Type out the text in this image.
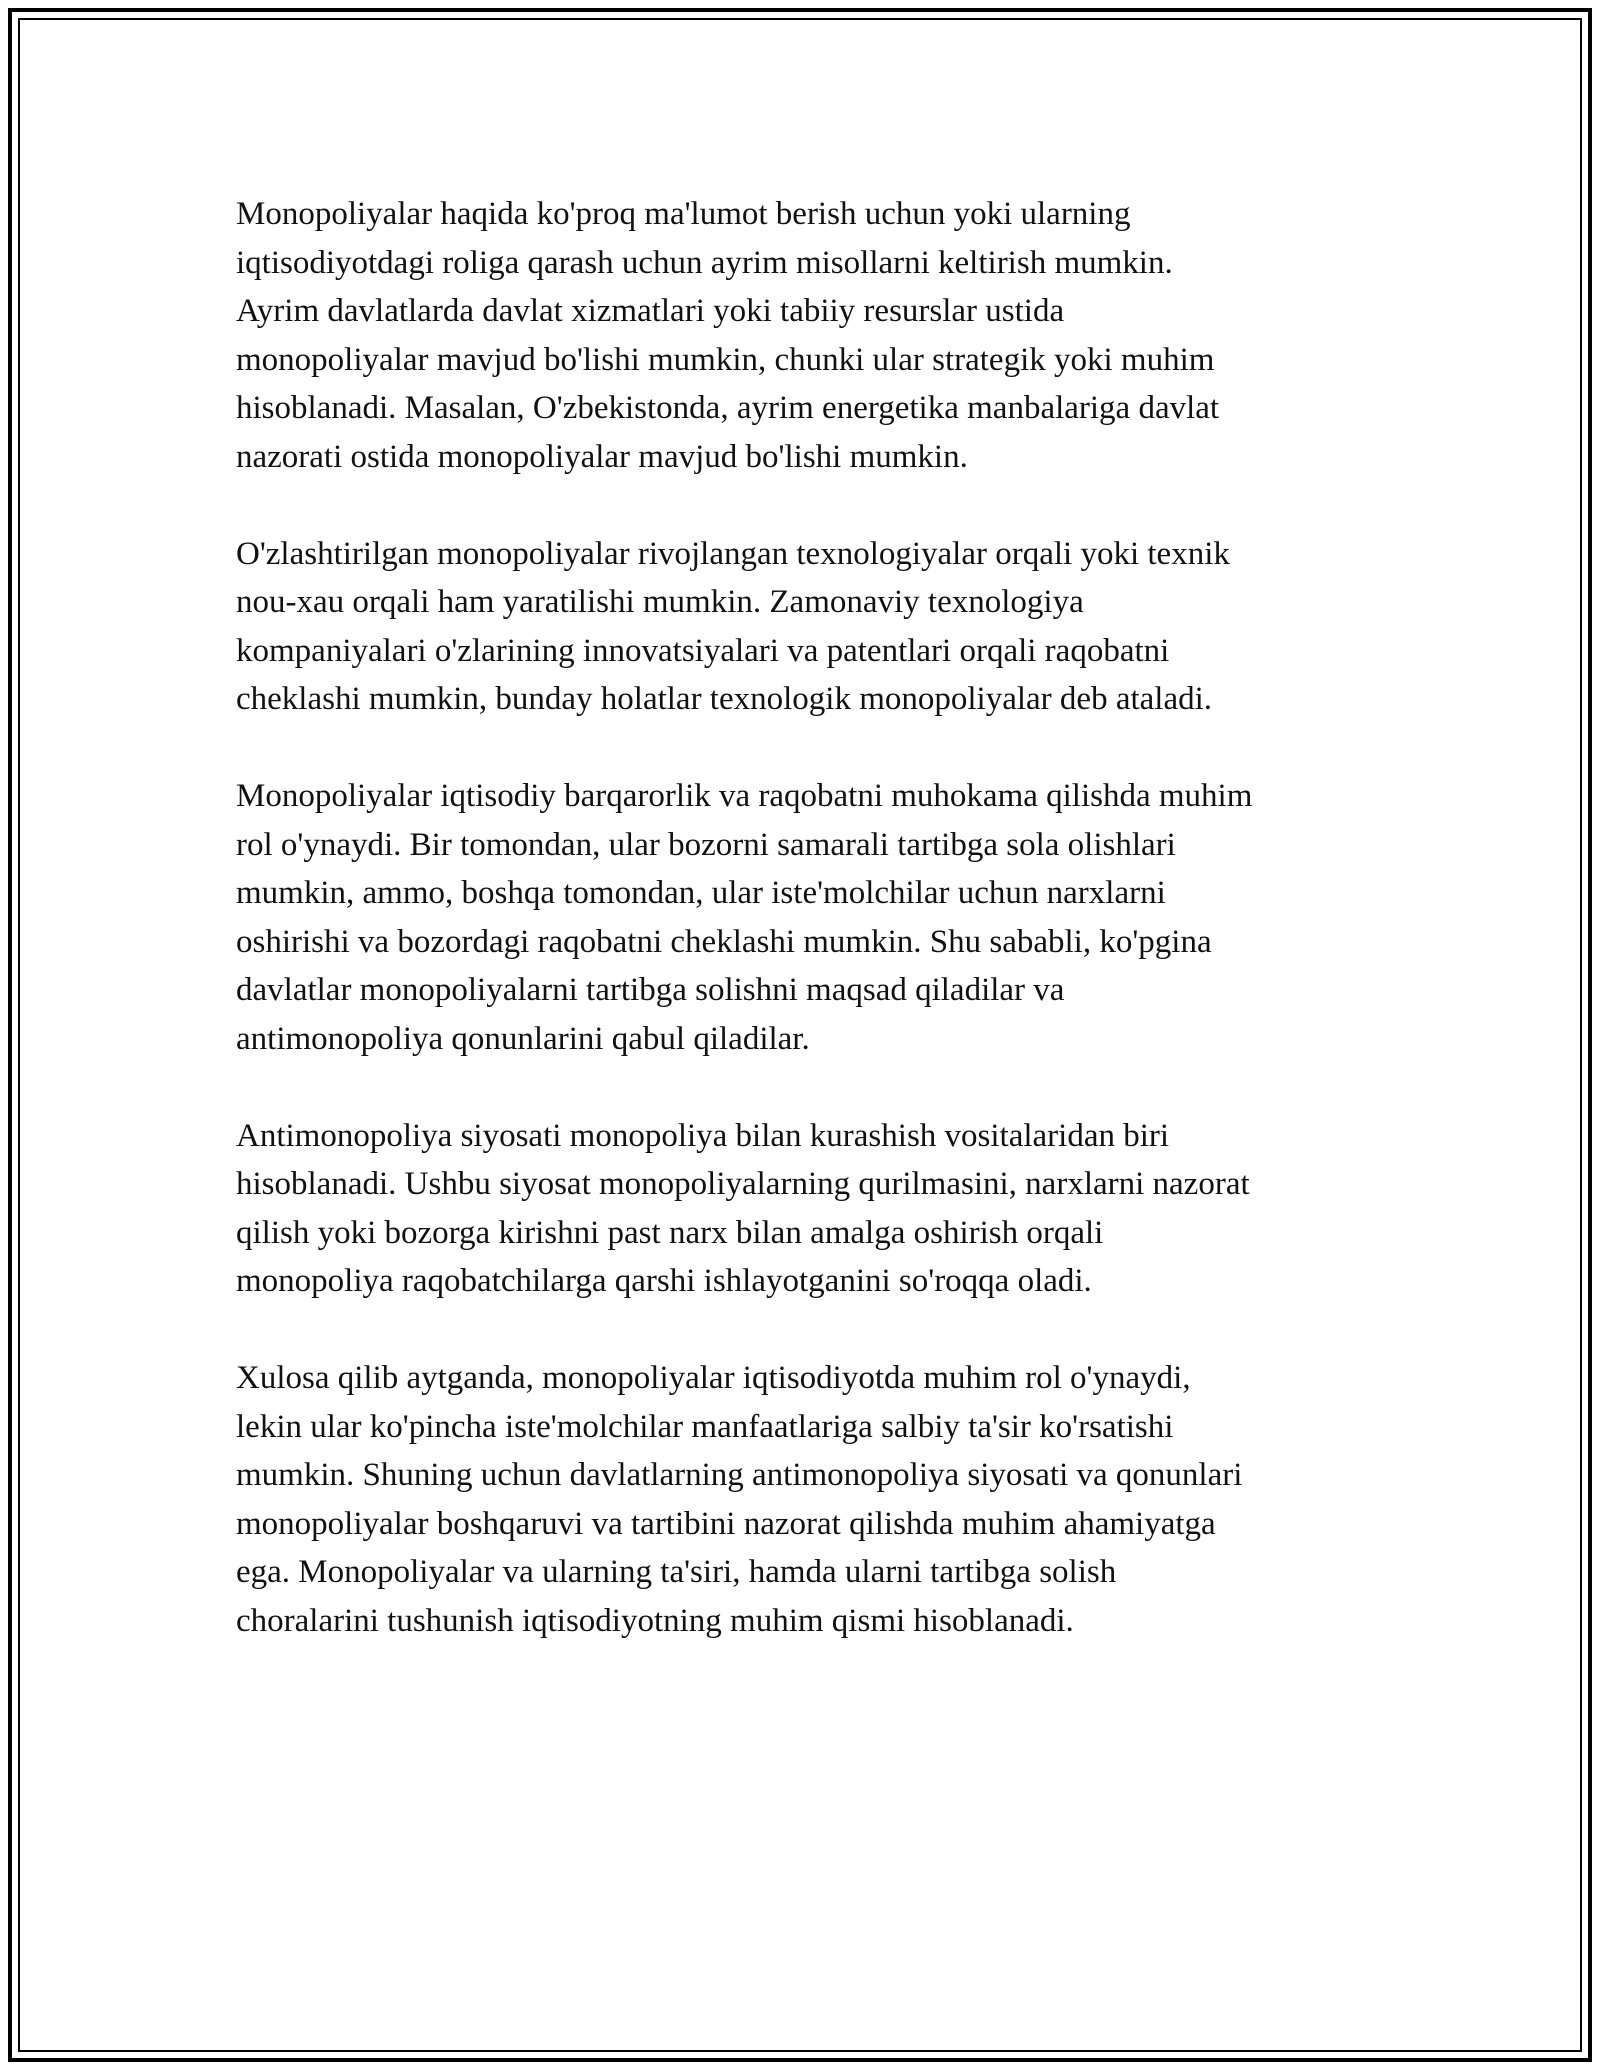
Monopoliyalar haqida ko'proq ma'lumot berish uchun yoki ularning
iqtisodiyotdagi roliga qarash uchun ayrim misollarni keltirish mumkin.
Ayrim davlatlarda davlat xizmatlari yoki tabiiy resurslar ustida
monopoliyalar mavjud bo'lishi mumkin, chunki ular strategik yoki muhim
hisoblanadi. Masalan, O'zbekistonda, ayrim energetika manbalariga davlat
nazorati ostida monopoliyalar mavjud bo'lishi mumkin.

O'zlashtirilgan monopoliyalar rivojlangan texnologiyalar orqali yoki texnik
nou-xau orqali ham yaratilishi mumkin. Zamonaviy texnologiya
kompaniyalari o'zlarining innovatsiyalari va patentlari orqali raqobatni
cheklashi mumkin, bunday holatlar texnologik monopoliyalar deb ataladi.

Monopoliyalar iqtisodiy barqarorlik va raqobatni muhokama qilishda muhim
rol o'ynaydi. Bir tomondan, ular bozorni samarali tartibga sola olishlari
mumkin, ammo, boshqa tomondan, ular iste'molchilar uchun narxlarni
oshirishi va bozordagi raqobatni cheklashi mumkin. Shu sababli, ko'pgina
davlatlar monopoliyalarni tartibga solishni maqsad qiladilar va
antimonopoliya qonunlarini qabul qiladilar.

Antimonopoliya siyosati monopoliya bilan kurashish vositalaridan biri
hisoblanadi. Ushbu siyosat monopoliyalarning qurilmasini, narxlarni nazorat
qilish yoki bozorga kirishni past narx bilan amalga oshirish orqali
monopoliya raqobatchilarga qarshi ishlayotganini so'roqqa oladi.

Xulosa qilib aytganda, monopoliyalar iqtisodiyotda muhim rol o'ynaydi,
lekin ular ko'pincha iste'molchilar manfaatlariga salbiy ta'sir ko'rsatishi
mumkin. Shuning uchun davlatlarning antimonopoliya siyosati va qonunlari
monopoliyalar boshqaruvi va tartibini nazorat qilishda muhim ahamiyatga
ega. Monopoliyalar va ularning ta'siri, hamda ularni tartibga solish
choralarini tushunish iqtisodiyotning muhim qismi hisoblanadi.
